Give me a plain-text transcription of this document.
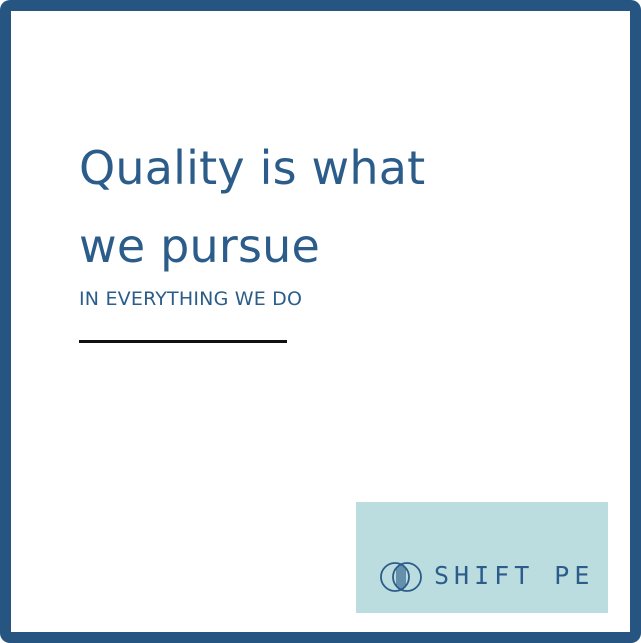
Quality is what
we pursue

IN EVERYTHING WE DO

SHIFT PE
